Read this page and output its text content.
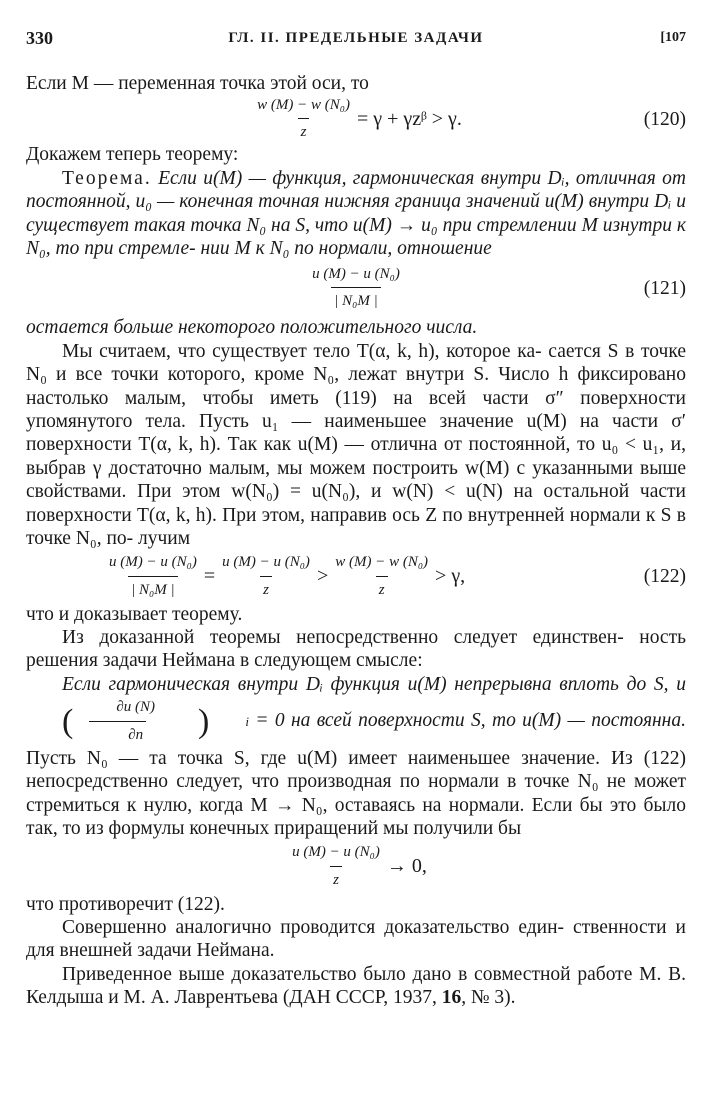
330	ГЛ. II. ПРЕДЕЛЬНЫЕ ЗАДАЧИ	[107

Если M — переменная точка этой оси, то

$\frac{\text{w (M) − w (N₀)}}{z} = \gamma$ + γzᵝ > γ.	(120)

Докажем теперь теорему:

Теорема. Если u(M) — функция, гармоническая внутри Dᵢ, отличная от постоянной, u₀ — конечная точная нижняя граница значений u(M) внутри Dᵢ и существует такая точка N₀ на S, что u(M) → u₀ при стремлении M изнутри к N₀, то при стремле- нии M к N₀ по нормали, отношение

$\frac{\text{u (M) − u (N₀)}}{\text{| N₀M |}}$	(121)

остается больше некоторого положительного числа.

Мы считаем, что существует тело T(α, k, h), которое ка- сается S в точке N₀ и все точки которого, кроме N₀, лежат внутри S. Число h фиксировано настолько малым, чтобы иметь (119) на всей части σ″ поверхности упомянутого тела. Пусть u₁ — наименьшее значение u(M) на части σ′ поверхности T(α, k, h). Так как u(M) — отлична от постоянной, то u₀ < u₁, и, выбрав γ достаточно малым, мы можем построить w(M) с указанными выше свойствами. При этом w(N₀) = u(N₀), и w(N) < u(N) на остальной части поверхности T(α, k, h). При этом, направив ось Z по внутренней нормали к S в точке N₀, по- лучим

$\frac{\text{u (M) − u (N₀)}}{\text{| N₀M |}} = \frac{\text{u (M) − u (N₀)}}{z} > \frac{\text{w (M) − w (N₀)}}{z} > \gamma$,	(122)

что и доказывает теорему.

Из доказанной теоремы непосредственно следует единствен- ность решения задачи Неймана в следующем смысле:

Если гармоническая внутри Dᵢ функция u(M) непрерывна вплоть до S, и
( $\frac{\partial u (N)}{\partial n}$	)	i = 0 на всей поверхности S, то u(M) — постоянна. Пусть N₀ — та точка S, где u(M) имеет наименьшее значение. Из (122) непосредственно следует, что производная по нормали в точке N₀ не может стремиться к нулю, когда M → N₀, оставаясь на нормали. Если бы это было так, то из формулы конечных приращений мы получили бы

$\frac{\text{u (M) − u (N₀)}}{z} \to 0$,

что противоречит (122).

Совершенно аналогично проводится доказательство един- ственности и для внешней задачи Неймана.

Приведенное выше доказательство было дано в совместной работе М. В. Келдыша и М. А. Лаврентьева (ДАН СССР, 1937, 16, № 3).
